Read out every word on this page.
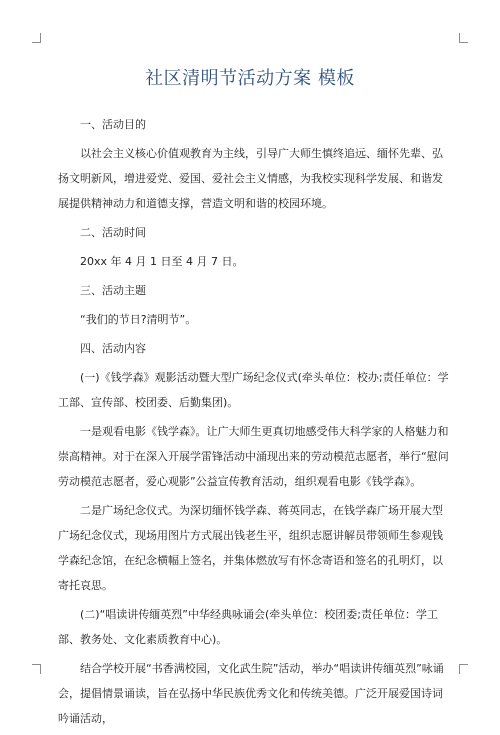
社区清明节活动方案 模板

一、活动目的

以社会主义核心价值观教育为主线，引导广大师生慎终追远、缅怀先辈、弘扬文明新风，增进爱党、爱国、爱社会主义情感，为我校实现科学发展、和谐发展提供精神动力和道德支撑，营造文明和谐的校园环境。

二、活动时间

20xx 年 4 月 1 日至 4 月 7 日。

三、活动主题

“我们的节日?清明节”。

四、活动内容

(一)《钱学森》观影活动暨大型广场纪念仪式(牵头单位：校办;责任单位：学工部、宣传部、校团委、后勤集团)。

一是观看电影《钱学森》。让广大师生更真切地感受伟大科学家的人格魅力和崇高精神。对于在深入开展学雷锋活动中涌现出来的劳动模范志愿者，举行“慰问劳动模范志愿者，爱心观影”公益宣传教育活动，组织观看电影《钱学森》。

二是广场纪念仪式。为深切缅怀钱学森、蒋英同志，在钱学森广场开展大型广场纪念仪式，现场用图片方式展出钱老生平，组织志愿讲解员带领师生参观钱学森纪念馆，在纪念横幅上签名，并集体燃放写有怀念寄语和签名的孔明灯，以寄托哀思。

(二)“唱读讲传缅英烈”中华经典咏诵会(牵头单位：校团委;责任单位：学工部、教务处、文化素质教育中心)。

结合学校开展“书香满校园，文化武生院”活动，举办“唱读讲传缅英烈”咏诵会，提倡情景诵读，旨在弘扬中华民族优秀文化和传统美德。广泛开展爱国诗词吟诵活动，
